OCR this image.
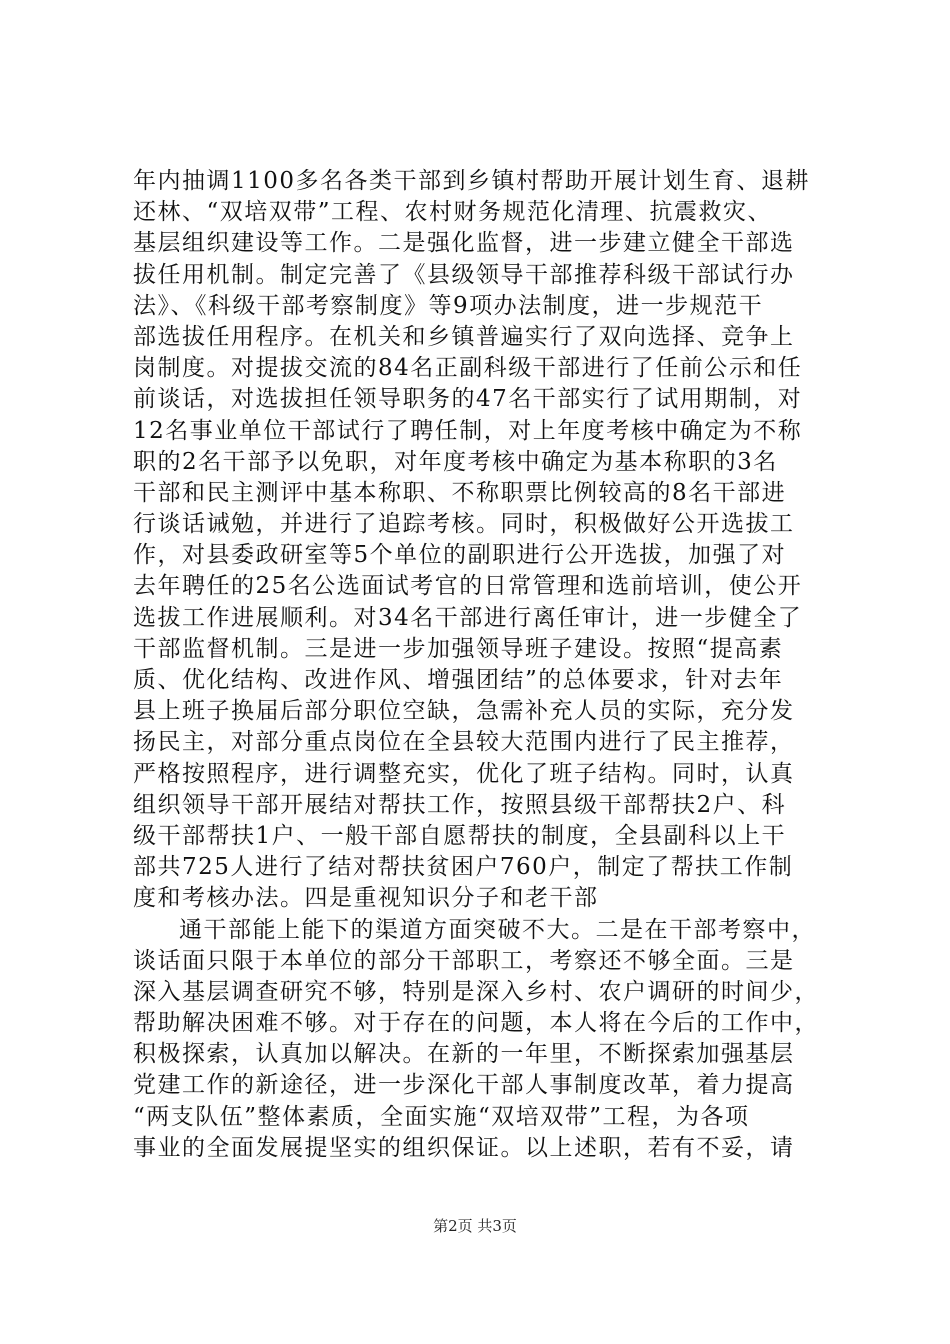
年内抽调1100多名各类干部到乡镇村帮助开展计划生育、退耕
还林、“双培双带”工程、农村财务规范化清理、抗震救灾、
基层组织建设等工作。二是强化监督，进一步建立健全干部选
拔任用机制。制定完善了《县级领导干部推荐科级干部试行办
法》、《科级干部考察制度》等9项办法制度，进一步规范干
部选拔任用程序。在机关和乡镇普遍实行了双向选择、竞争上
岗制度。对提拔交流的84名正副科级干部进行了任前公示和任
前谈话，对选拔担任领导职务的47名干部实行了试用期制，对
12名事业单位干部试行了聘任制，对上年度考核中确定为不称
职的2名干部予以免职，对年度考核中确定为基本称职的3名
干部和民主测评中基本称职、不称职票比例较高的8名干部进
行谈话诫勉，并进行了追踪考核。同时，积极做好公开选拔工
作，对县委政研室等5个单位的副职进行公开选拔，加强了对
去年聘任的25名公选面试考官的日常管理和选前培训，使公开
选拔工作进展顺利。对34名干部进行离任审计，进一步健全了
干部监督机制。三是进一步加强领导班子建设。按照“提高素
质、优化结构、改进作风、增强团结”的总体要求，针对去年
县上班子换届后部分职位空缺，急需补充人员的实际，充分发
扬民主，对部分重点岗位在全县较大范围内进行了民主推荐，
严格按照程序，进行调整充实，优化了班子结构。同时，认真
组织领导干部开展结对帮扶工作，按照县级干部帮扶2户、科
级干部帮扶1户、一般干部自愿帮扶的制度，全县副科以上干
部共725人进行了结对帮扶贫困户760户，制定了帮扶工作制
度和考核办法。四是重视知识分子和老干部
通干部能上能下的渠道方面突破不大。二是在干部考察中，
谈话面只限于本单位的部分干部职工，考察还不够全面。三是
深入基层调查研究不够，特别是深入乡村、农户调研的时间少，
帮助解决困难不够。对于存在的问题，本人将在今后的工作中，
积极探索，认真加以解决。在新的一年里，不断探索加强基层
党建工作的新途径，进一步深化干部人事制度改革，着力提高
“两支队伍”整体素质，全面实施“双培双带”工程，为各项
事业的全面发展提坚实的组织保证。以上述职，若有不妥，请
第2页 共3页
